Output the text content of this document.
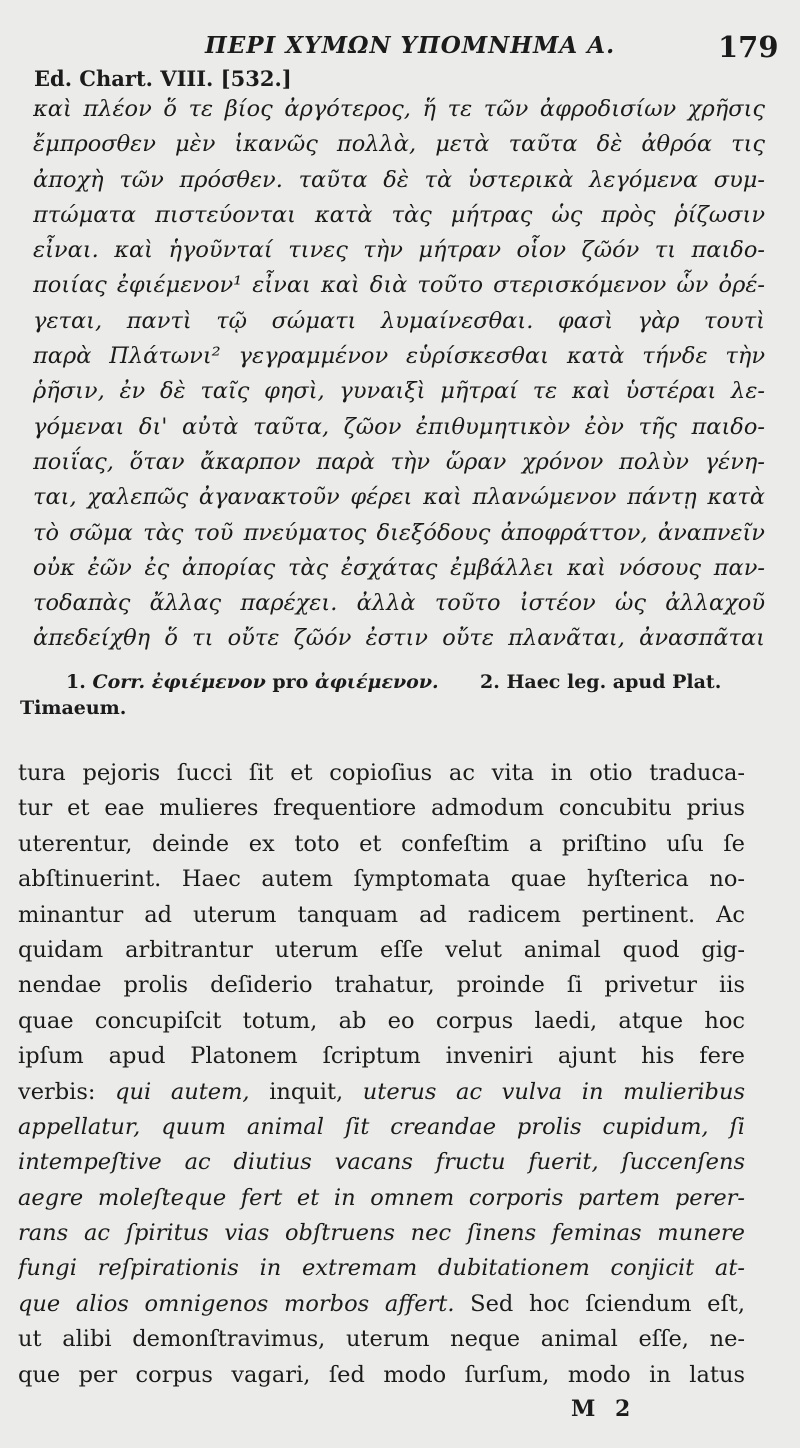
ΠΕΡΙ ΧΥΜΩΝ ΥΠΟΜΝΗΜΑ Α.	179
Ed. Chart. VIII. [532.]
καὶ πλέον ὅ τε βίος ἀργότερος, ἥ τε τῶν ἀφροδισίων χρῆσις
ἔμπροσθεν μὲν ἱκανῶς πολλὰ, μετὰ ταῦτα δὲ ἀθρόα τις
ἀποχὴ τῶν πρόσθεν. ταῦτα δὲ τὰ ὑστερικὰ λεγόμενα συμ-
πτώματα πιστεύονται κατὰ τὰς μήτρας ὡς πρὸς ῥίζωσιν
εἶναι. καὶ ἡγοῦνταί τινες τὴν μήτραν οἷον ζῶόν τι παιδο-
ποιίας ἐφιέμενον¹ εἶναι καὶ διὰ τοῦτο στερισκόμενον ὧν ὀρέ-
γεται, παντὶ τῷ σώματι λυμαίνεσθαι. φασὶ γὰρ τουτὶ
παρὰ Πλάτωνι² γεγραμμένον εὑρίσκεσθαι κατὰ τήνδε τὴν
ῥῆσιν, ἐν δὲ ταῖς φησὶ, γυναιξὶ μῆτραί τε καὶ ὑστέραι λε-
γόμεναι δι' αὐτὰ ταῦτα, ζῶον ἐπιθυμητικὸν ἐὸν τῆς παιδο-
ποιΐας, ὅταν ἄκαρπον παρὰ τὴν ὥραν χρόνον πολὺν γένη-
ται, χαλεπῶς ἀγανακτοῦν φέρει καὶ πλανώμενον πάντῃ κατὰ
τὸ σῶμα τὰς τοῦ πνεύματος διεξόδους ἀποφράττον, ἀναπνεῖν
οὐκ ἐῶν ἐς ἀπορίας τὰς ἐσχάτας ἐμβάλλει καὶ νόσους παν-
τοδαπὰς ἄλλας παρέχει. ἀλλὰ τοῦτο ἰστέον ὡς ἀλλαχοῦ
ἀπεδείχθη ὅ τι οὔτε ζῶόν ἐστιν οὔτε πλανᾶται, ἀνασπᾶται
1. Corr. ἐφιέμενον pro ἀφιέμενον. 2. Haec leg. apud Plat.
Timaeum.
tura pejoris ſucci ſit et copioſius ac vita in otio traduca-
tur et eae mulieres frequentiore admodum concubitu prius
uterentur, deinde ex toto et confeſtim a priſtino uſu ſe
abſtinuerint. Haec autem ſymptomata quae hyſterica no-
minantur ad uterum tanquam ad radicem pertinent. Ac
quidam arbitrantur uterum eſſe velut animal quod gig-
nendae prolis deſiderio trahatur, proinde ſi privetur iis
quae concupiſcit totum, ab eo corpus laedi, atque hoc
ipſum apud Platonem ſcriptum inveniri ajunt his fere
verbis: qui autem, inquit, uterus ac vulva in mulieribus
appellatur, quum animal ſit creandae prolis cupidum, ſi
intempeſtive ac diutius vacans fructu fuerit, ſuccenſens
aegre moleſteque fert et in omnem corporis partem perer-
rans ac ſpiritus vias obſtruens nec ſinens feminas munere
fungi reſpirationis in extremam dubitationem conjicit at-
que alios omnigenos morbos affert. Sed hoc ſciendum eſt,
ut alibi demonſtravimus, uterum neque animal eſſe, ne-
que per corpus vagari, ſed modo ſurſum, modo in latus
M 2
